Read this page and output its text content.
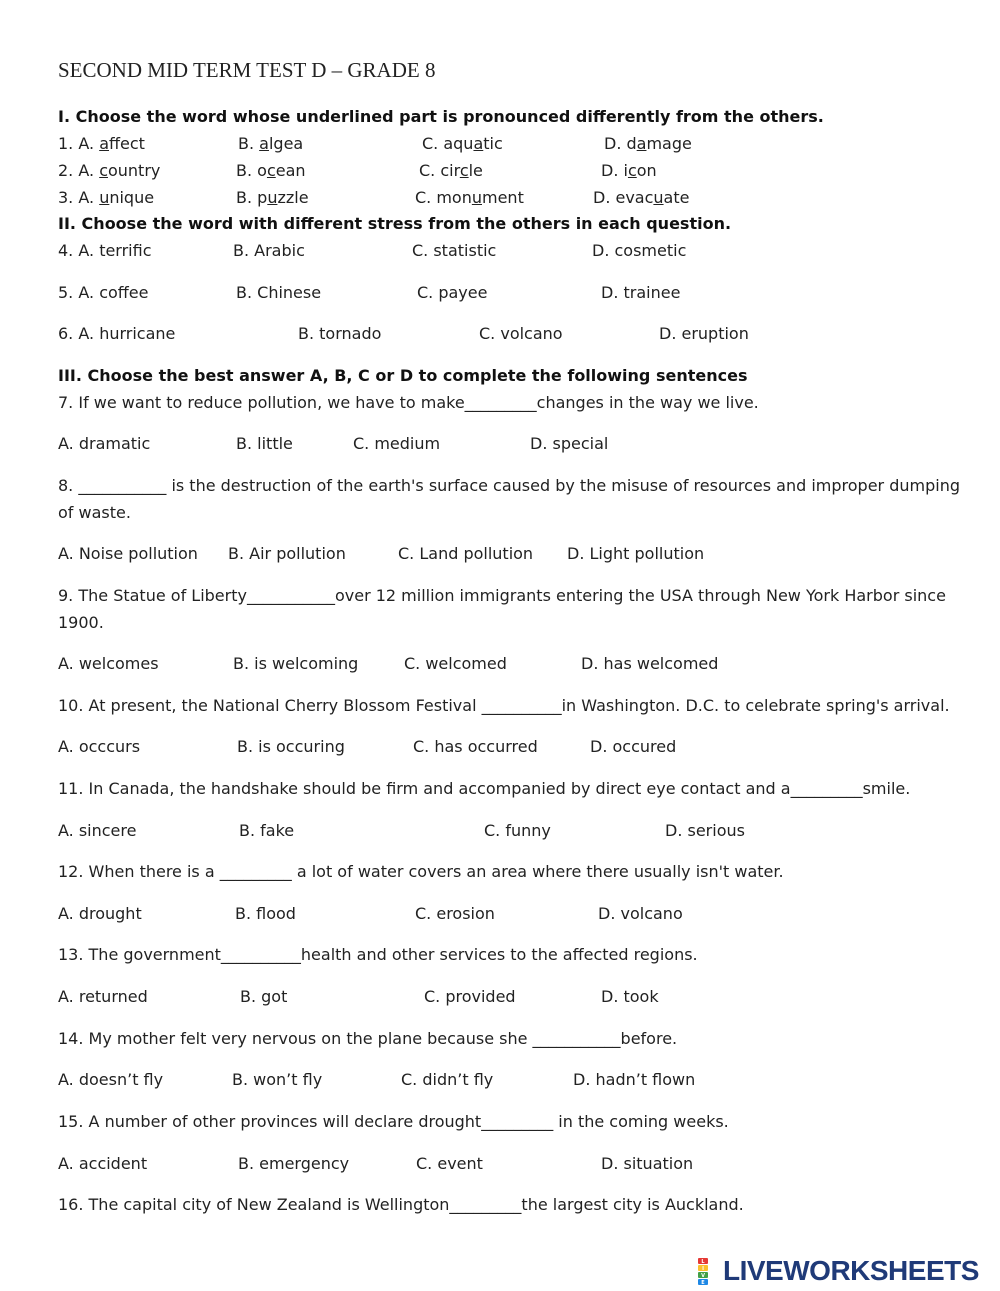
SECOND MID TERM TEST D – GRADE 8
I. Choose the word whose underlined part is pronounced differently from the others.
1. A. affect	B. algea	C. aquatic	D. damage
2. A. country	B. ocean	C. circle	D. icon
3. A. unique	B. puzzle	C. monument	D. evacuate
II. Choose the word with different stress from the others in each question.
4. A. terrific	B. Arabic	C. statistic	D. cosmetic
5. A. coffee	B. Chinese	C. payee	D. trainee
6. A. hurricane	B. tornado	C. volcano	D. eruption
III. Choose the best answer A, B, C or D to complete the following sentences
7. If we want to reduce pollution, we have to make_________changes in the way we live.
A. dramatic	B. little	C. medium	D. special
8. ___________ is the destruction of the earth's surface caused by the misuse of resources and improper dumping
of waste.
A. Noise pollution B. Air pollution	C. Land pollution D. Light pollution
9. The Statue of Liberty___________over 12 million immigrants entering the USA through New York Harbor since
1900.
A. welcomes	B. is welcoming	C. welcomed	D. has welcomed
10. At present, the National Cherry Blossom Festival __________in Washington. D.C. to celebrate spring's arrival.
A. occcurs	B. is occuring	C. has occurred	D. occured
11. In Canada, the handshake should be firm and accompanied by direct eye contact and a_________smile.
A. sincere	B. fake	C. funny	D. serious
12. When there is a _________ a lot of water covers an area where there usually isn't water.
A. drought	B. flood	C. erosion	D. volcano
13. The government__________health and other services to the affected regions.
A. returned	B. got	C. provided	D. took
14. My mother felt very nervous on the plane because she ___________before.
A. doesn’t fly	B. won’t fly	C. didn’t fly	D. hadn’t flown
15. A number of other provinces will declare drought_________ in the coming weeks.
A. accident	B. emergency	C. event	D. situation
16. The capital city of New Zealand is Wellington_________the largest city is Auckland.
L
I
V
E LIVEWORKSHEETS
